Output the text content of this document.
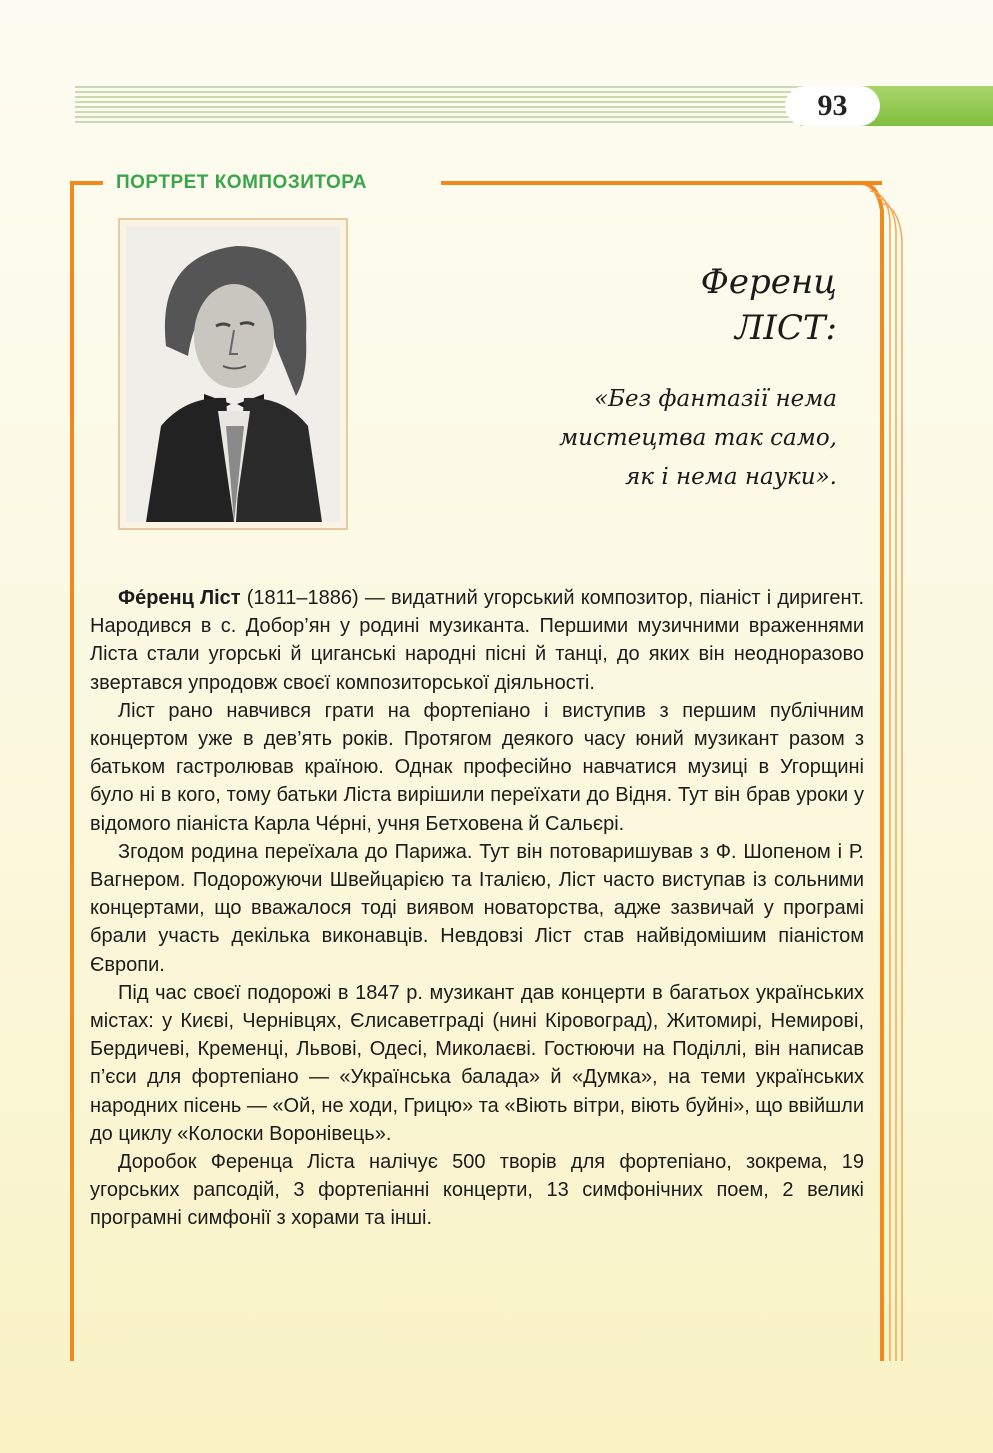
93
ПОРТРЕТ КОМПОЗИТОРА
Ференц
ЛІСТ:
«Без фантазії нема
мистецтва так само,
як і нема науки».

Фе́ренц Ліст (1811–1886) — видатний угорський композитор, піаніст і диригент. Народився в с. Добор’ян у родині музиканта. Першими музичними враженнями Ліста стали угорські й циганські народні пісні й танці, до яких він неодноразово звертався упродовж своєї композиторської діяльності.

Ліст рано навчився грати на фортепіано і виступив з першим публічним концертом уже в дев’ять років. Протягом деякого часу юний музикант разом з батьком гастролював країною. Однак професійно навчатися музиці в Угорщині було ні в кого, тому батьки Ліста вирішили переїхати до Відня. Тут він брав уроки у відомого піаніста Карла Че́рні, учня Бетховена й Сальєрі.

Згодом родина переїхала до Парижа. Тут він потоваришував з Ф. Шопеном і Р. Вагнером. Подорожуючи Швейцарією та Італією, Ліст часто виступав із сольними концертами, що вважалося тоді виявом новаторства, адже зазвичай у програмі брали участь декілька виконавців. Невдовзі Ліст став найвідомішим піаністом Європи.

Під час своєї подорожі в 1847 р. музикант дав концерти в багатьох українських містах: у Києві, Чернівцях, Єлисаветграді (нині Кіровоград), Житомирі, Немирові, Бердичеві, Кременці, Львові, Одесі, Миколаєві. Гостюючи на Поділлі, він написав п’єси для фортепіано — «Українська балада» й «Думка», на теми українських народних пісень — «Ой, не ходи, Грицю» та «Віють вітри, віють буйні», що ввійшли до циклу «Колоски Воронівець».

Доробок Ференца Ліста налічує 500 творів для фортепіано, зокрема, 19 угорських рапсодій, 3 фортепіанні концерти, 13 симфонічних поем, 2 великі програмні симфонії з хорами та інші.
